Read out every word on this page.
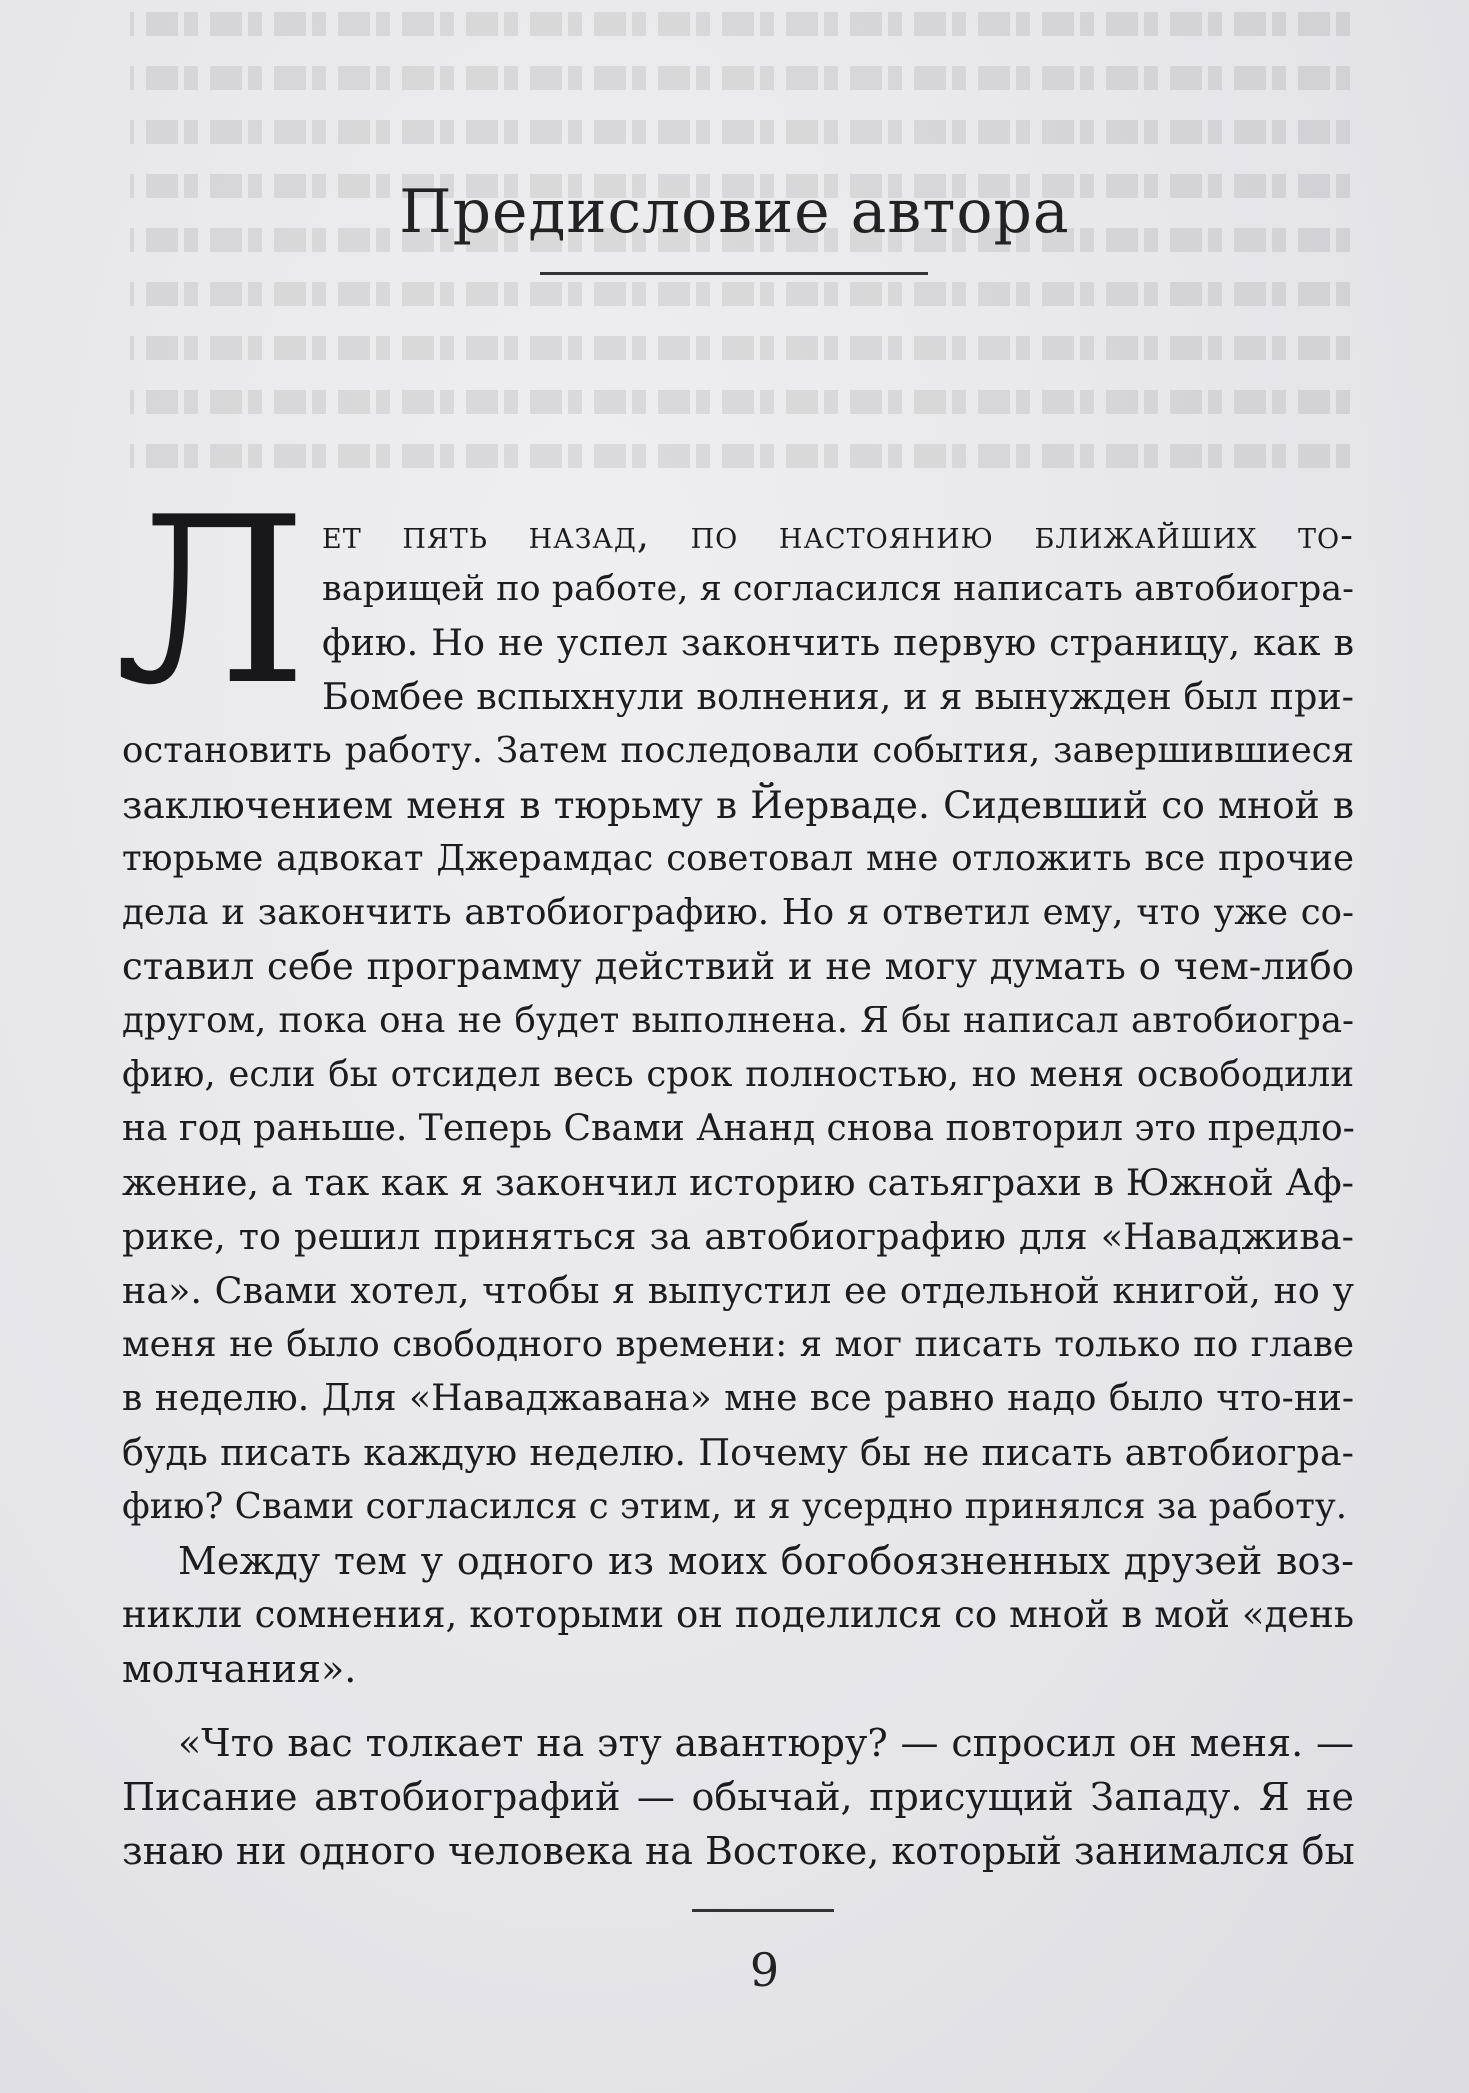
Предисловие автора
Л ет пять назад, по настоянию ближайших то-
варищей по работе, я согласился написать автобиогра-
фию. Но не успел закончить первую страницу, как в
Бомбее вспыхнули волнения, и я вынужден был при-
остановить работу. Затем последовали события, завершившиеся
заключением меня в тюрьму в Йерваде. Сидевший со мной в
тюрьме адвокат Джерамдас советовал мне отложить все прочие
дела и закончить автобиографию. Но я ответил ему, что уже со-
ставил себе программу действий и не могу думать о чем-либо
другом, пока она не будет выполнена. Я бы написал автобиогра-
фию, если бы отсидел весь срок полностью, но меня освободили
на год раньше. Теперь Свами Ананд снова повторил это предло-
жение, а так как я закончил историю сатьяграхи в Южной Аф-
рике, то решил приняться за автобиографию для «Наваджива-
на». Свами хотел, чтобы я выпустил ее отдельной книгой, но у
меня не было свободного времени: я мог писать только по главе
в неделю. Для «Наваджавана» мне все равно надо было что-ни-
будь писать каждую неделю. Почему бы не писать автобиогра-
фию? Свами согласился с этим, и я усердно принялся за работу.
Между тем у одного из моих богобоязненных друзей воз-
никли сомнения, которыми он поделился со мной в мой «день
молчания».
«Что вас толкает на эту авантюру? — спросил он меня. —
Писание автобиографий — обычай, присущий Западу. Я не
знаю ни одного человека на Востоке, который занимался бы
9
